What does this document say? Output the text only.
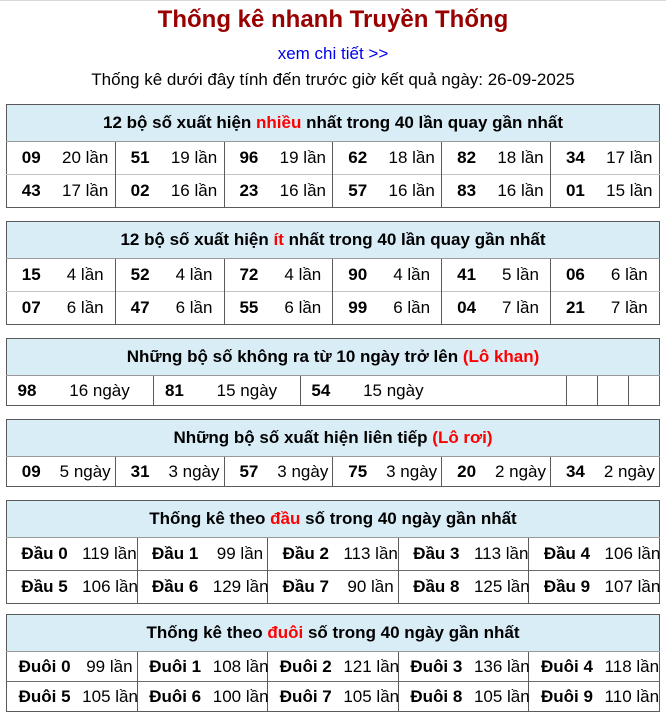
Thống kê nhanh Truyền Thống
xem chi tiết >>
Thống kê dưới đây tính đến trước giờ kết quả ngày: 26-09-2025
12 bộ số xuất hiện nhiều nhất trong 40 lần quay gần nhất					

09 20 lần	51 19 lần	96 19 lần	62 18 lần	82 18 lần	34 17 lần

43 17 lần	02 16 lần	23 16 lần	57 16 lần	83 16 lần	01 15 lần
12 bộ số xuất hiện ít nhất trong 40 lần quay gần nhất					

15 4 lần	52 4 lần	72 4 lần	90 4 lần	41 5 lần	06 6 lần

07 6 lần	47 6 lần	55 6 lần	99 6 lần	04 7 lần	21 7 lần
Những bộ số không ra từ 10 ngày trở lên (Lô khan)

98	16 ngày	81	15 ngày	54	15 ngày

Những bộ số xuất hiện liên tiếp (Lô rơi)

09	5 ngày	31	3 ngày	57	3 ngày	75	3 ngày	20	2 ngày	34	2 ngày
Thống kê theo đầu số trong 40 ngày gần nhất				

Đầu 0 119 lần	Đầu 1 99 lần	Đầu 2 113 lần	Đầu 3 113 lần	Đầu 4 106 lần

Đầu 5 106 lần	Đầu 6 129 lần	Đầu 7 90 lần	Đầu 8 125 lần	Đầu 9 107 lần
Thống kê theo đuôi số trong 40 ngày gần nhất				

Đuôi 0 99 lần	Đuôi 1 108 lần	Đuôi 2 121 lần	Đuôi 3 136 lần	Đuôi 4 118 lần

Đuôi 5 105 lần	Đuôi 6 100 lần	Đuôi 7 105 lần	Đuôi 8 105 lần	Đuôi 9 110 lần
